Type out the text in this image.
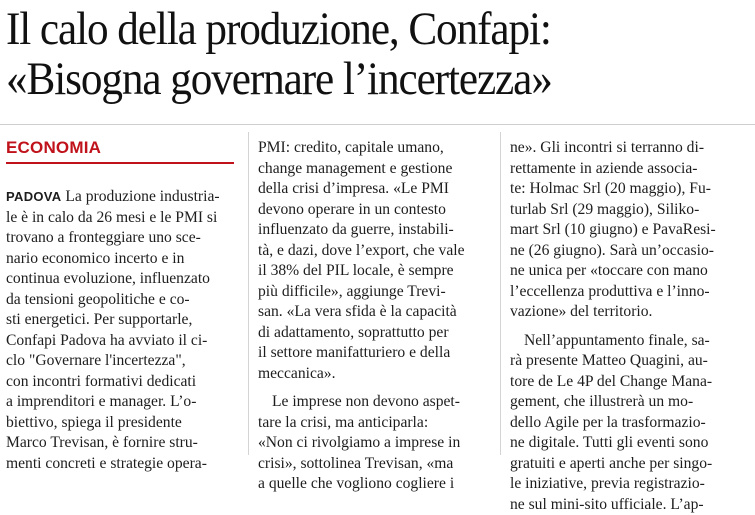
Il calo della produzione, Confapi:
«Bisogna governare l’incertezza»
ECONOMIA
PADOVA La produzione industria-
le è in calo da 26 mesi e le PMI si
trovano a fronteggiare uno sce-
nario economico incerto e in
continua evoluzione, influenzato
da tensioni geopolitiche e co-
sti energetici. Per supportarle,
Confapi Padova ha avviato il ci-
clo "Governare l'incertezza",
con incontri formativi dedicati
a imprenditori e manager. L’o-
biettivo, spiega il presidente
Marco Trevisan, è fornire stru-
menti concreti e strategie opera-
PMI: credito, capitale umano,
change management e gestione
della crisi d’impresa. «Le PMI
devono operare in un contesto
influenzato da guerre, instabili-
tà, e dazi, dove l’export, che vale
il 38% del PIL locale, è sempre
più difficile», aggiunge Trevi-
san. «La vera sfida è la capacità
di adattamento, soprattutto per
il settore manifatturiero e della
meccanica».
Le imprese non devono aspet-
tare la crisi, ma anticiparla:
«Non ci rivolgiamo a imprese in
crisi», sottolinea Trevisan, «ma
a quelle che vogliono cogliere i
ne». Gli incontri si terranno di-
rettamente in aziende associa-
te: Holmac Srl (20 maggio), Fu-
turlab Srl (29 maggio), Siliko-
mart Srl (10 giugno) e PavaResi-
ne (26 giugno). Sarà un’occasio-
ne unica per «toccare con mano
l’eccellenza produttiva e l’inno-
vazione» del territorio.
Nell’appuntamento finale, sa-
rà presente Matteo Quagini, au-
tore de Le 4P del Change Mana-
gement, che illustrerà un mo-
dello Agile per la trasformazio-
ne digitale. Tutti gli eventi sono
gratuiti e aperti anche per singo-
le iniziative, previa registrazio-
ne sul mini-sito ufficiale. L’ap-
